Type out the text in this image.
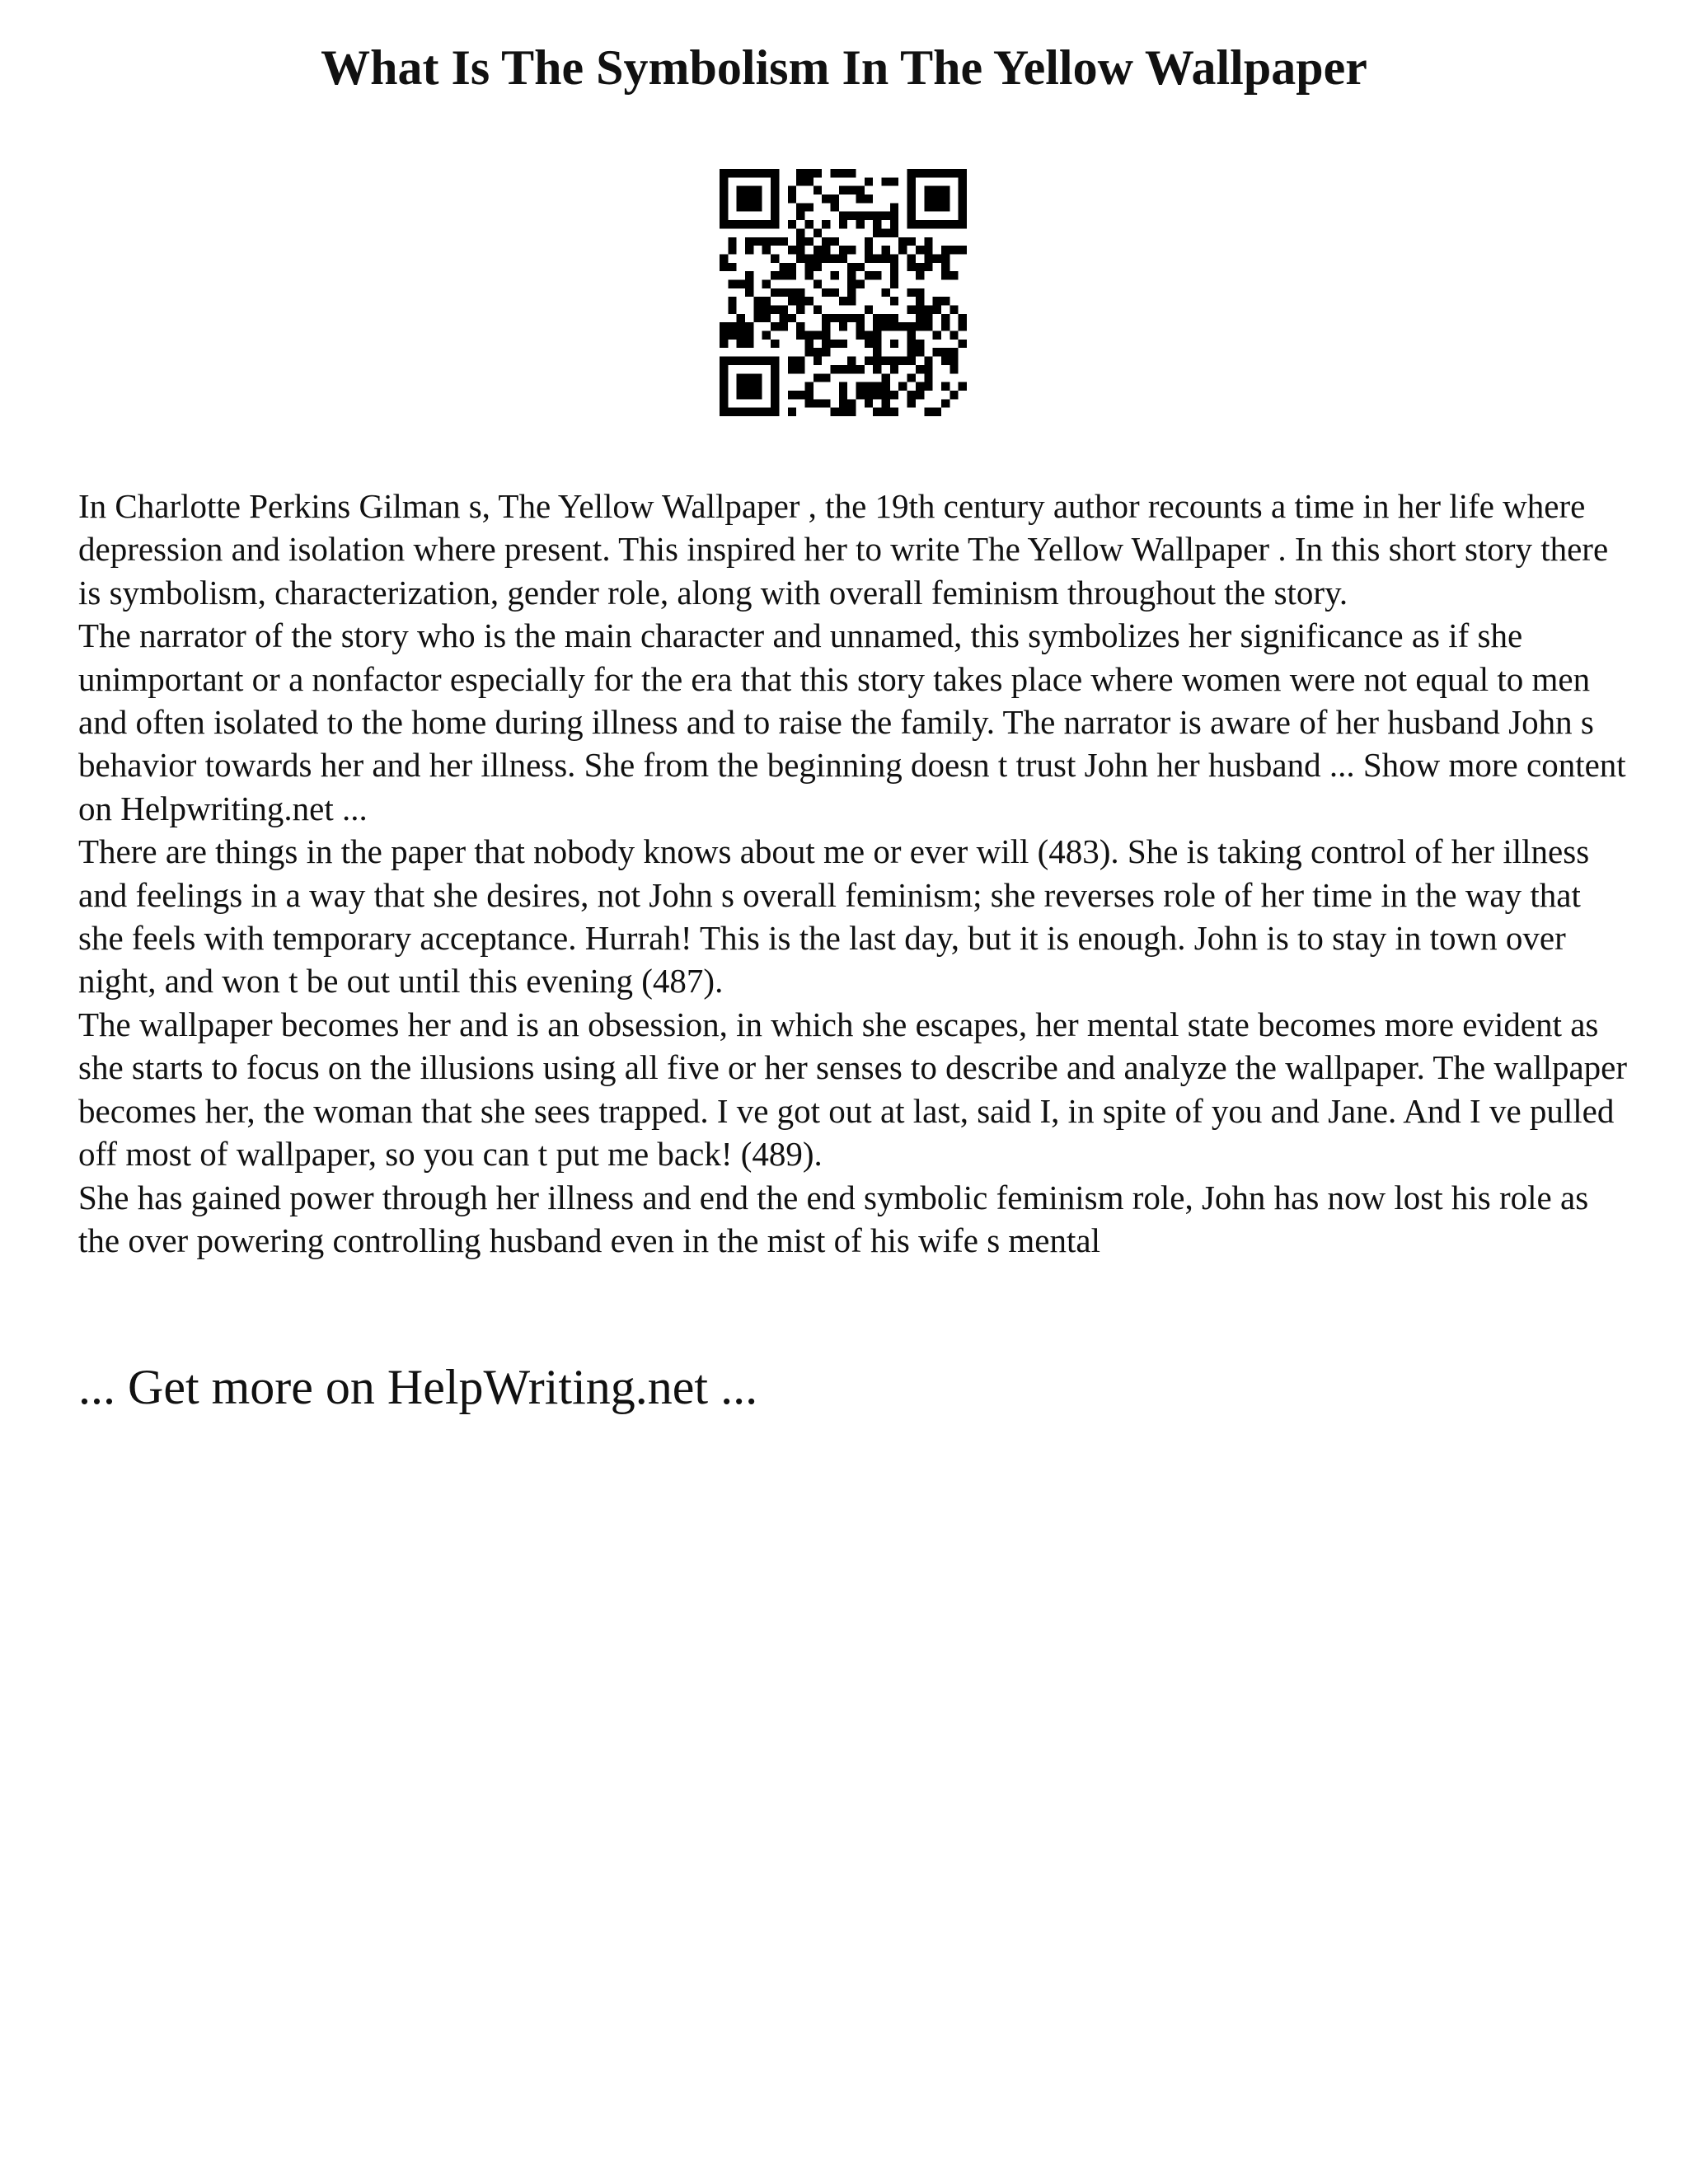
What Is The Symbolism In The Yellow Wallpaper

In Charlotte Perkins Gilman s, The Yellow Wallpaper , the 19th century author recounts a time in her life where depression and isolation where present. This inspired her to write The Yellow Wallpaper . In this short story there is symbolism, characterization, gender role, along with overall feminism throughout the story.

The narrator of the story who is the main character and unnamed, this symbolizes her significance as if she unimportant or a nonfactor especially for the era that this story takes place where women were not equal to men and often isolated to the home during illness and to raise the family. The narrator is aware of her husband John s behavior towards her and her illness. She from the beginning doesn t trust John her husband ... Show more content on Helpwriting.net ...

There are things in the paper that nobody knows about me or ever will (483). She is taking control of her illness and feelings in a way that she desires, not John s overall feminism; she reverses role of her time in the way that she feels with temporary acceptance. Hurrah! This is the last day, but it is enough. John is to stay in town over night, and won t be out until this evening (487).

The wallpaper becomes her and is an obsession, in which she escapes, her mental state becomes more evident as she starts to focus on the illusions using all five or her senses to describe and analyze the wallpaper. The wallpaper becomes her, the woman that she sees trapped. I ve got out at last, said I, in spite of you and Jane. And I ve pulled off most of wallpaper, so you can t put me back! (489).

She has gained power through her illness and end the end symbolic feminism role, John has now lost his role as the over powering controlling husband even in the mist of his wife s mental

... Get more on HelpWriting.net ...
